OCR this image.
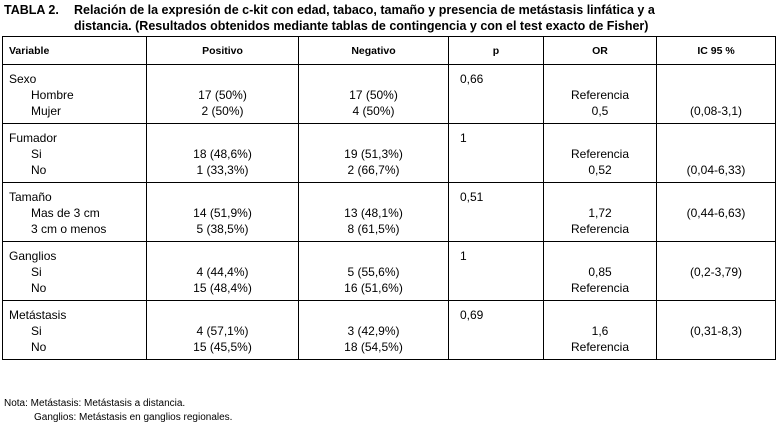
TABLA 2. Relación de la expresión de c-kit con edad, tabaco, tamaño y presencia de metástasis linfática y a
distancia. (Resultados obtenidos mediante tablas de contingencia y con el test exacto de Fisher)
Variable	Positivo	Negativo	p	OR	IC 95 %
Sexo			0,66		
Hombre	17 (50%)	17 (50%)		Referencia	
Mujer	2 (50%)	4 (50%)		0,5	(0,08-3,1)
Fumador			1		
Si	18 (48,6%)	19 (51,3%)		Referencia	
No	1 (33,3%)	2 (66,7%)		0,52	(0,04-6,33)
Tamaño			0,51		
Mas de 3 cm	14 (51,9%)	13 (48,1%)		1,72	(0,44-6,63)
3 cm o menos	5 (38,5%)	8 (61,5%)		Referencia	
Ganglios			1		
Si	4 (44,4%)	5 (55,6%)		0,85	(0,2-3,79)
No	15 (48,4%)	16 (51,6%)		Referencia	
Metástasis			0,69		
Si	4 (57,1%)	3 (42,9%)		1,6	(0,31-8,3)
No	15 (45,5%)	18 (54,5%)		Referencia	
Nota: Metástasis: Metástasis a distancia.
Ganglios: Metástasis en ganglios regionales.
